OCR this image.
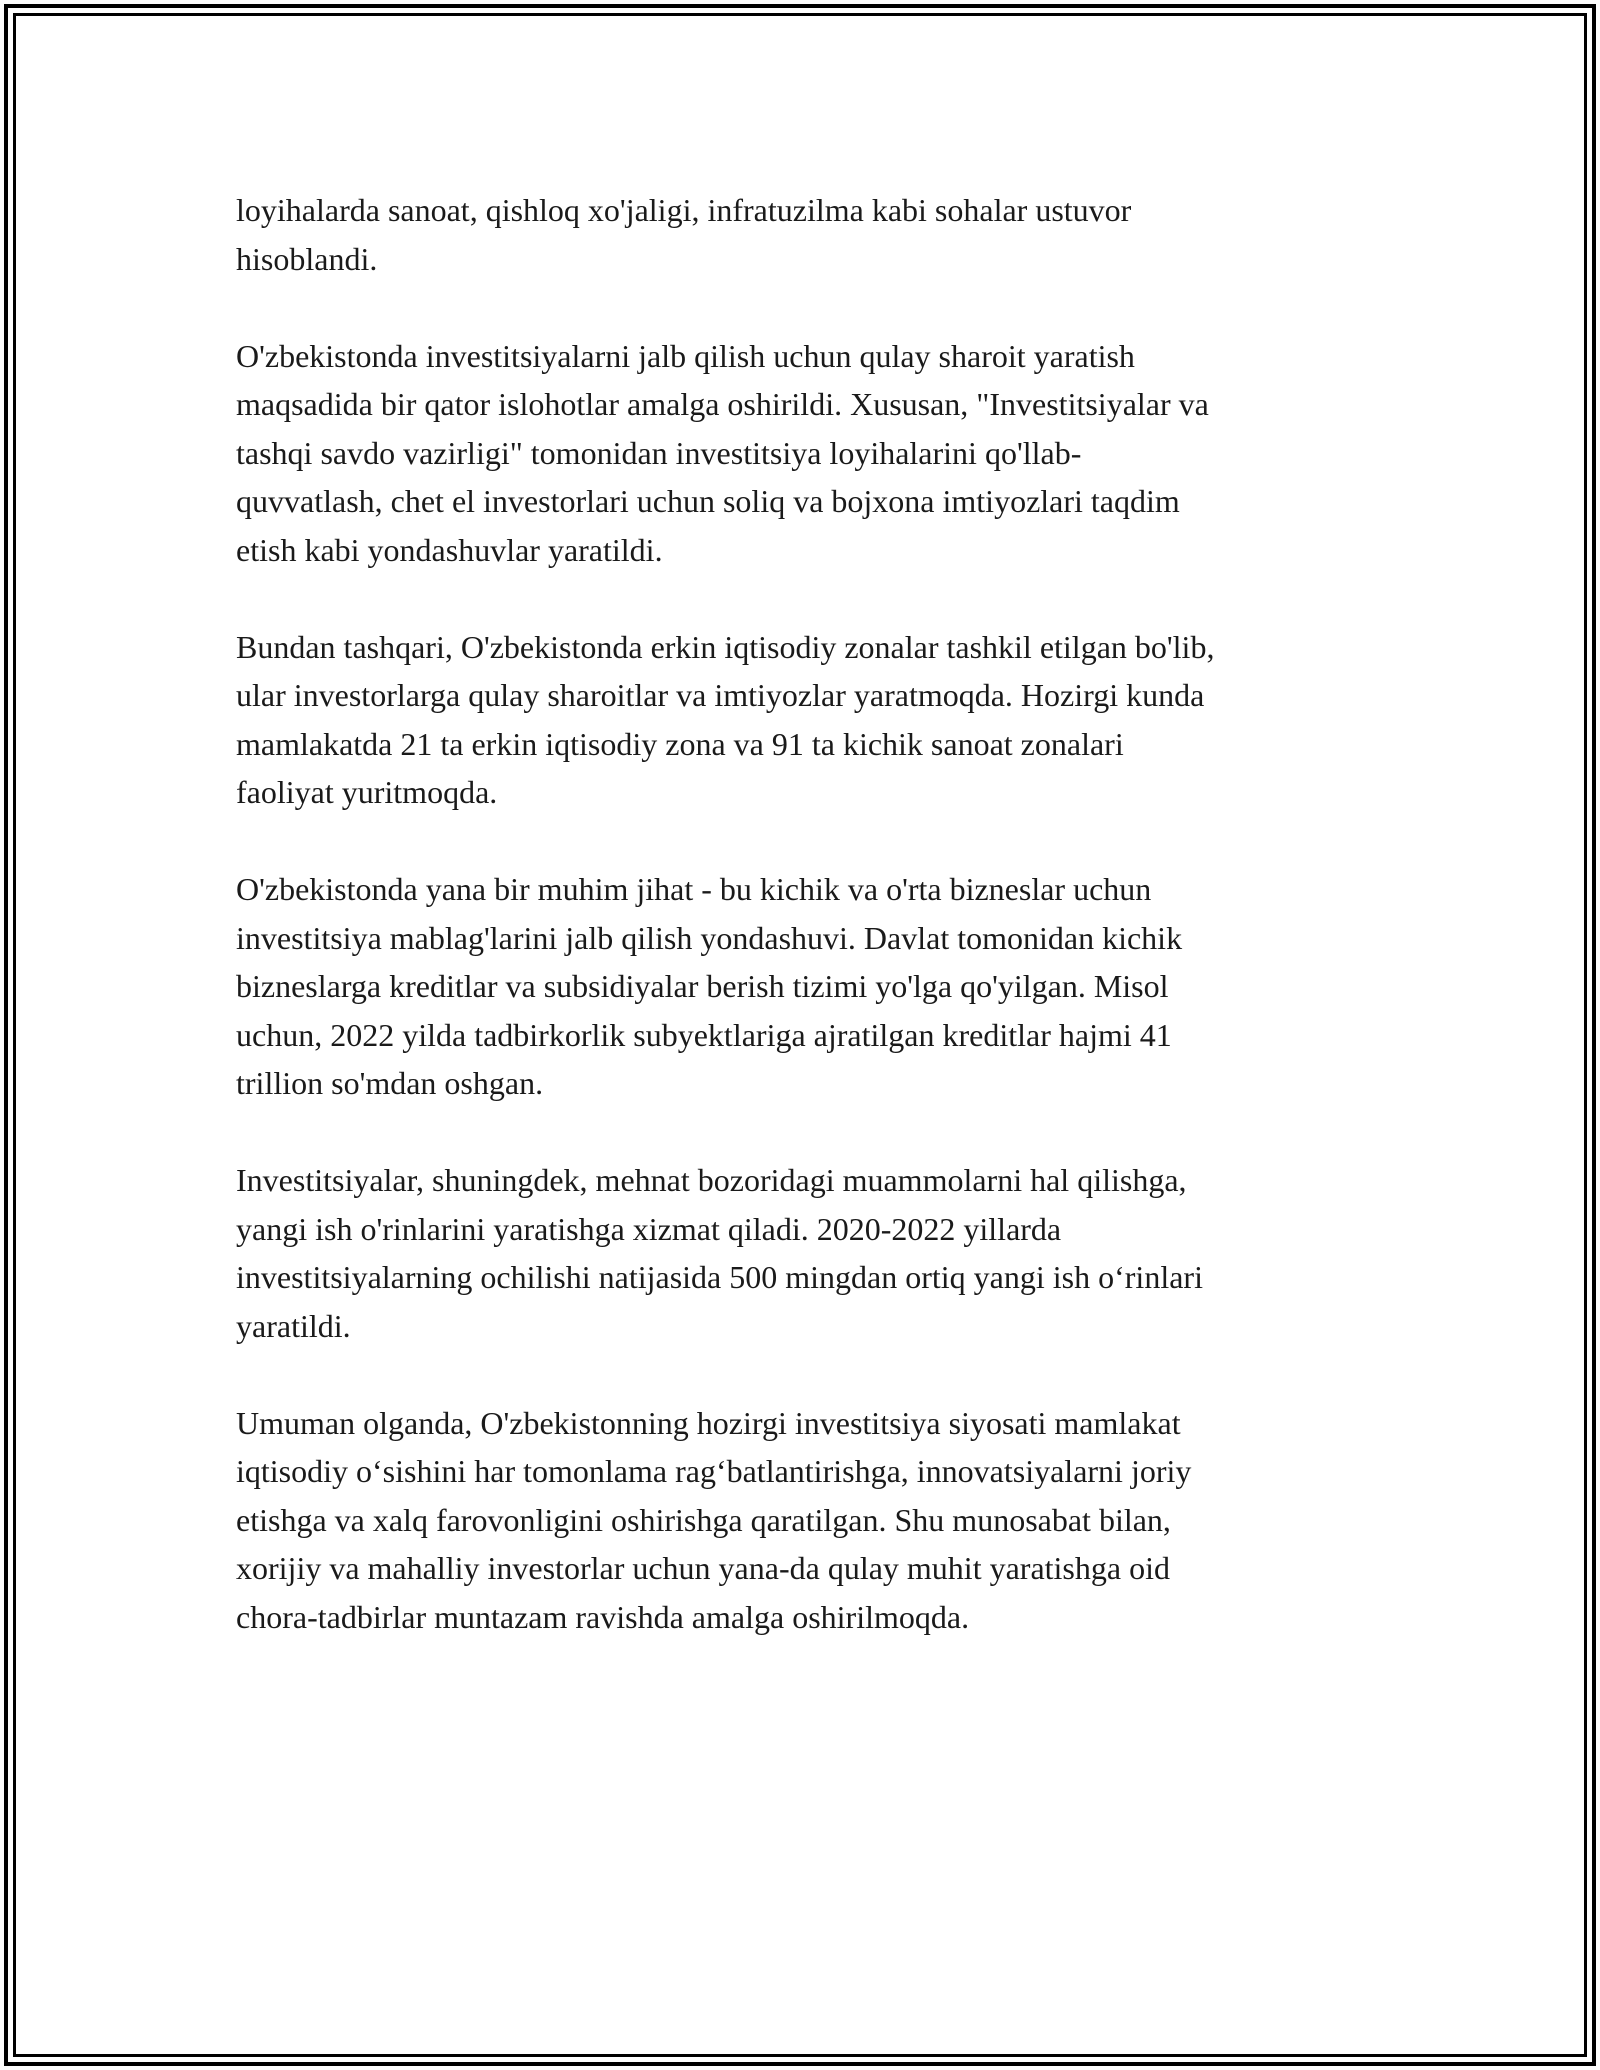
loyihalarda sanoat, qishloq xo'jaligi, infratuzilma kabi sohalar ustuvor
hisoblandi.

O'zbekistonda investitsiyalarni jalb qilish uchun qulay sharoit yaratish
maqsadida bir qator islohotlar amalga oshirildi. Xususan, "Investitsiyalar va
tashqi savdo vazirligi" tomonidan investitsiya loyihalarini qo'llab-
quvvatlash, chet el investorlari uchun soliq va bojxona imtiyozlari taqdim
etish kabi yondashuvlar yaratildi.

Bundan tashqari, O'zbekistonda erkin iqtisodiy zonalar tashkil etilgan bo'lib,
ular investorlarga qulay sharoitlar va imtiyozlar yaratmoqda. Hozirgi kunda
mamlakatda 21 ta erkin iqtisodiy zona va 91 ta kichik sanoat zonalari
faoliyat yuritmoqda.

O'zbekistonda yana bir muhim jihat - bu kichik va o'rta bizneslar uchun
investitsiya mablag'larini jalb qilish yondashuvi. Davlat tomonidan kichik
bizneslarga kreditlar va subsidiyalar berish tizimi yo'lga qo'yilgan. Misol
uchun, 2022 yilda tadbirkorlik subyektlariga ajratilgan kreditlar hajmi 41
trillion so'mdan oshgan.

Investitsiyalar, shuningdek, mehnat bozoridagi muammolarni hal qilishga,
yangi ish o'rinlarini yaratishga xizmat qiladi. 2020-2022 yillarda
investitsiyalarning ochilishi natijasida 500 mingdan ortiq yangi ish o‘rinlari
yaratildi.

Umuman olganda, O'zbekistonning hozirgi investitsiya siyosati mamlakat
iqtisodiy o‘sishini har tomonlama rag‘batlantirishga, innovatsiyalarni joriy
etishga va xalq farovonligini oshirishga qaratilgan. Shu munosabat bilan,
xorijiy va mahalliy investorlar uchun yana-da qulay muhit yaratishga oid
chora-tadbirlar muntazam ravishda amalga oshirilmoqda.
